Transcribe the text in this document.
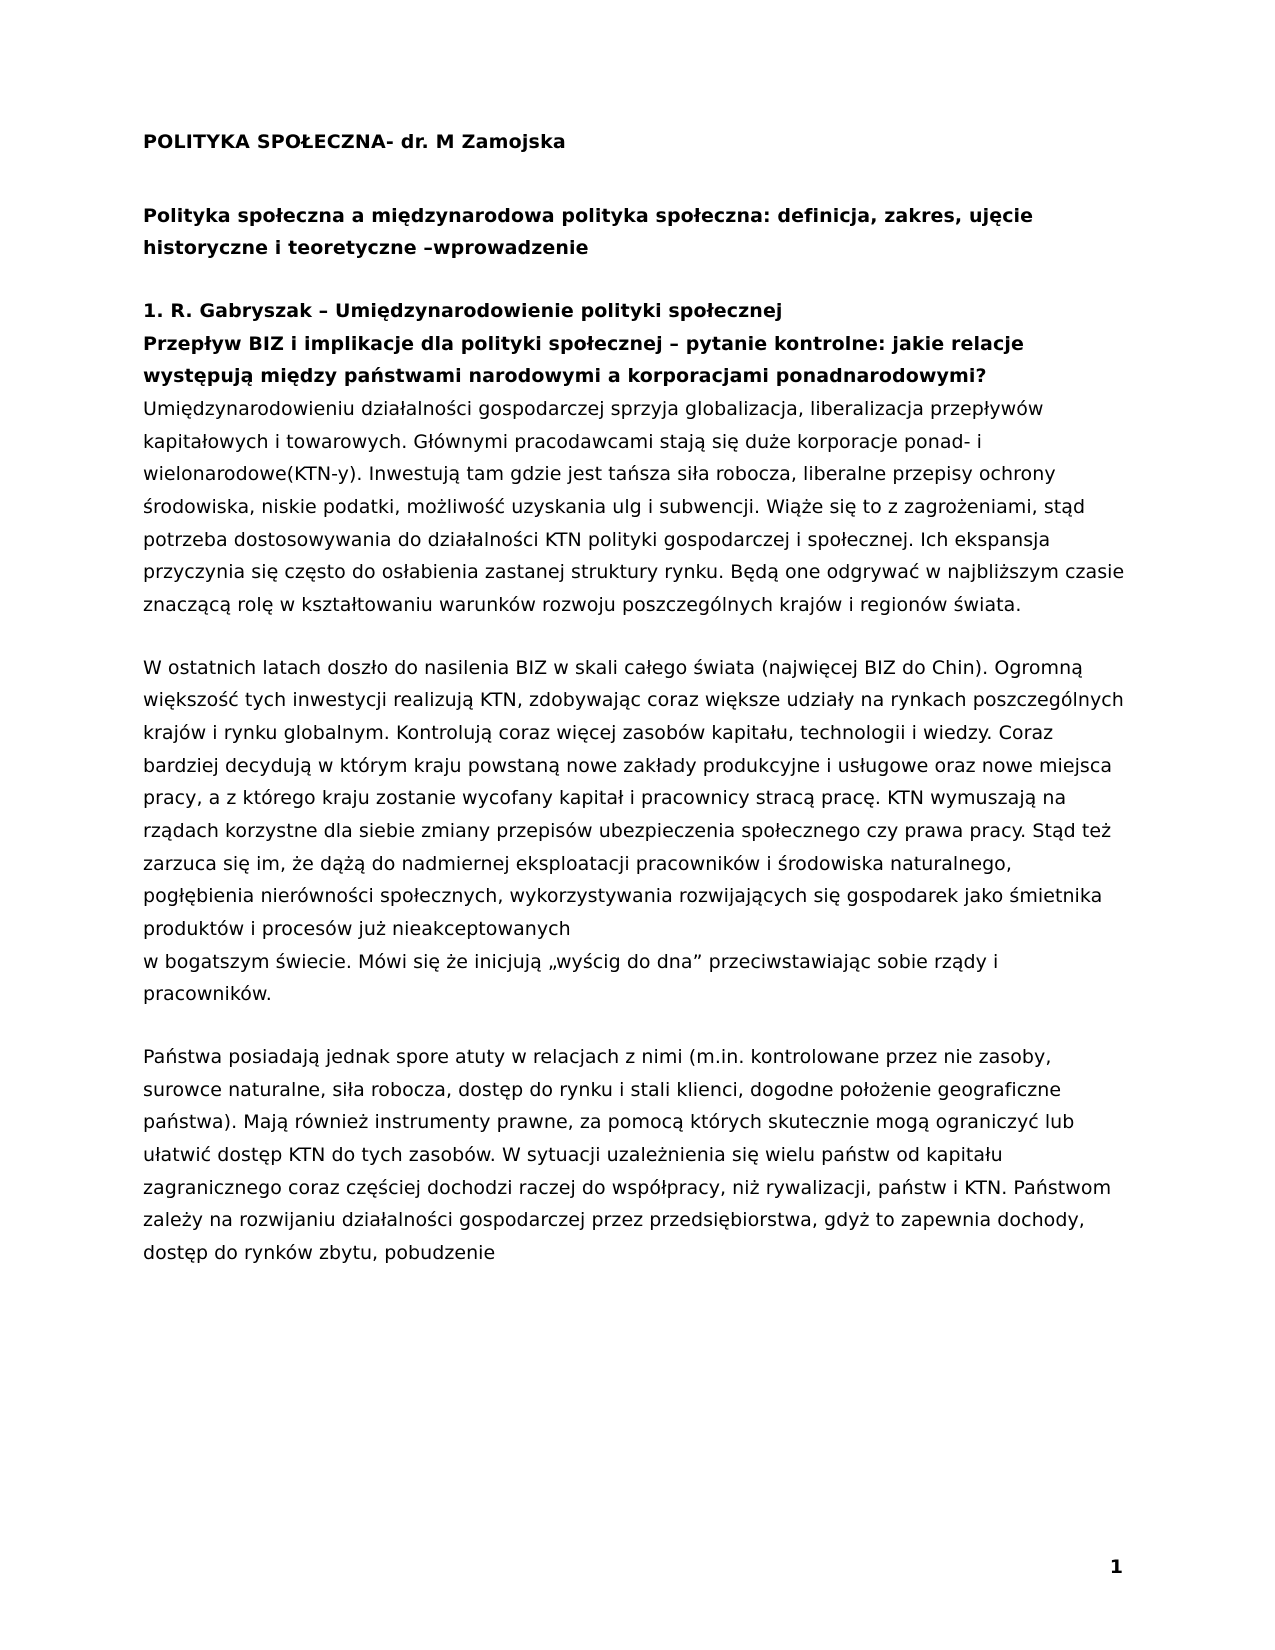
POLITYKA SPOŁECZNA- dr. M Zamojska
Polityka społeczna a międzynarodowa polityka społeczna: definicja, zakres, ujęcie historyczne i teoretyczne –wprowadzenie
1. R. Gabryszak – Umiędzynarodowienie polityki społecznej
Przepływ BIZ i implikacje dla polityki społecznej – pytanie kontrolne: jakie relacje
występują między państwami narodowymi a korporacjami ponadnarodowymi?

Umiędzynarodowieniu działalności gospodarczej sprzyja globalizacja, liberalizacja przepływów kapitałowych i towarowych. Głównymi pracodawcami stają się duże korporacje ponad- i wielonarodowe(KTN-y). Inwestują tam gdzie jest tańsza siła robocza, liberalne przepisy ochrony środowiska, niskie podatki, możliwość uzyskania ulg i subwencji. Wiąże się to z zagrożeniami, stąd potrzeba dostosowywania do działalności KTN polityki gospodarczej i społecznej. Ich ekspansja przyczynia się często do osłabienia zastanej struktury rynku. Będą one odgrywać w najbliższym czasie znaczącą rolę w kształtowaniu warunków rozwoju poszczególnych krajów i regionów świata.

W ostatnich latach doszło do nasilenia BIZ w skali całego świata (najwięcej BIZ do Chin). Ogromną większość tych inwestycji realizują KTN, zdobywając coraz większe udziały na rynkach poszczególnych krajów i rynku globalnym. Kontrolują coraz więcej zasobów kapitału, technologii i wiedzy. Coraz bardziej decydują w którym kraju powstaną nowe zakłady produkcyjne i usługowe oraz nowe miejsca pracy, a z którego kraju zostanie wycofany kapitał i pracownicy stracą pracę. KTN wymuszają na rządach korzystne dla siebie zmiany przepisów ubezpieczenia społecznego czy prawa pracy. Stąd też zarzuca się im, że dążą do nadmiernej eksploatacji pracowników i środowiska naturalnego, pogłębienia nierówności społecznych, wykorzystywania rozwijających się gospodarek jako śmietnika produktów i procesów już nieakceptowanych

w bogatszym świecie. Mówi się że inicjują „wyścig do dna” przeciwstawiając sobie rządy i pracowników.

Państwa posiadają jednak spore atuty w relacjach z nimi (m.in. kontrolowane przez nie zasoby, surowce naturalne, siła robocza, dostęp do rynku i stali klienci, dogodne położenie geograficzne państwa). Mają również instrumenty prawne, za pomocą których skutecznie mogą ograniczyć lub ułatwić dostęp KTN do tych zasobów. W sytuacji uzależnienia się wielu państw od kapitału zagranicznego coraz częściej dochodzi raczej do współpracy, niż rywalizacji, państw i KTN. Państwom zależy na rozwijaniu działalności gospodarczej przez przedsiębiorstwa, gdyż to zapewnia dochody, dostęp do rynków zbytu, pobudzenie

1
